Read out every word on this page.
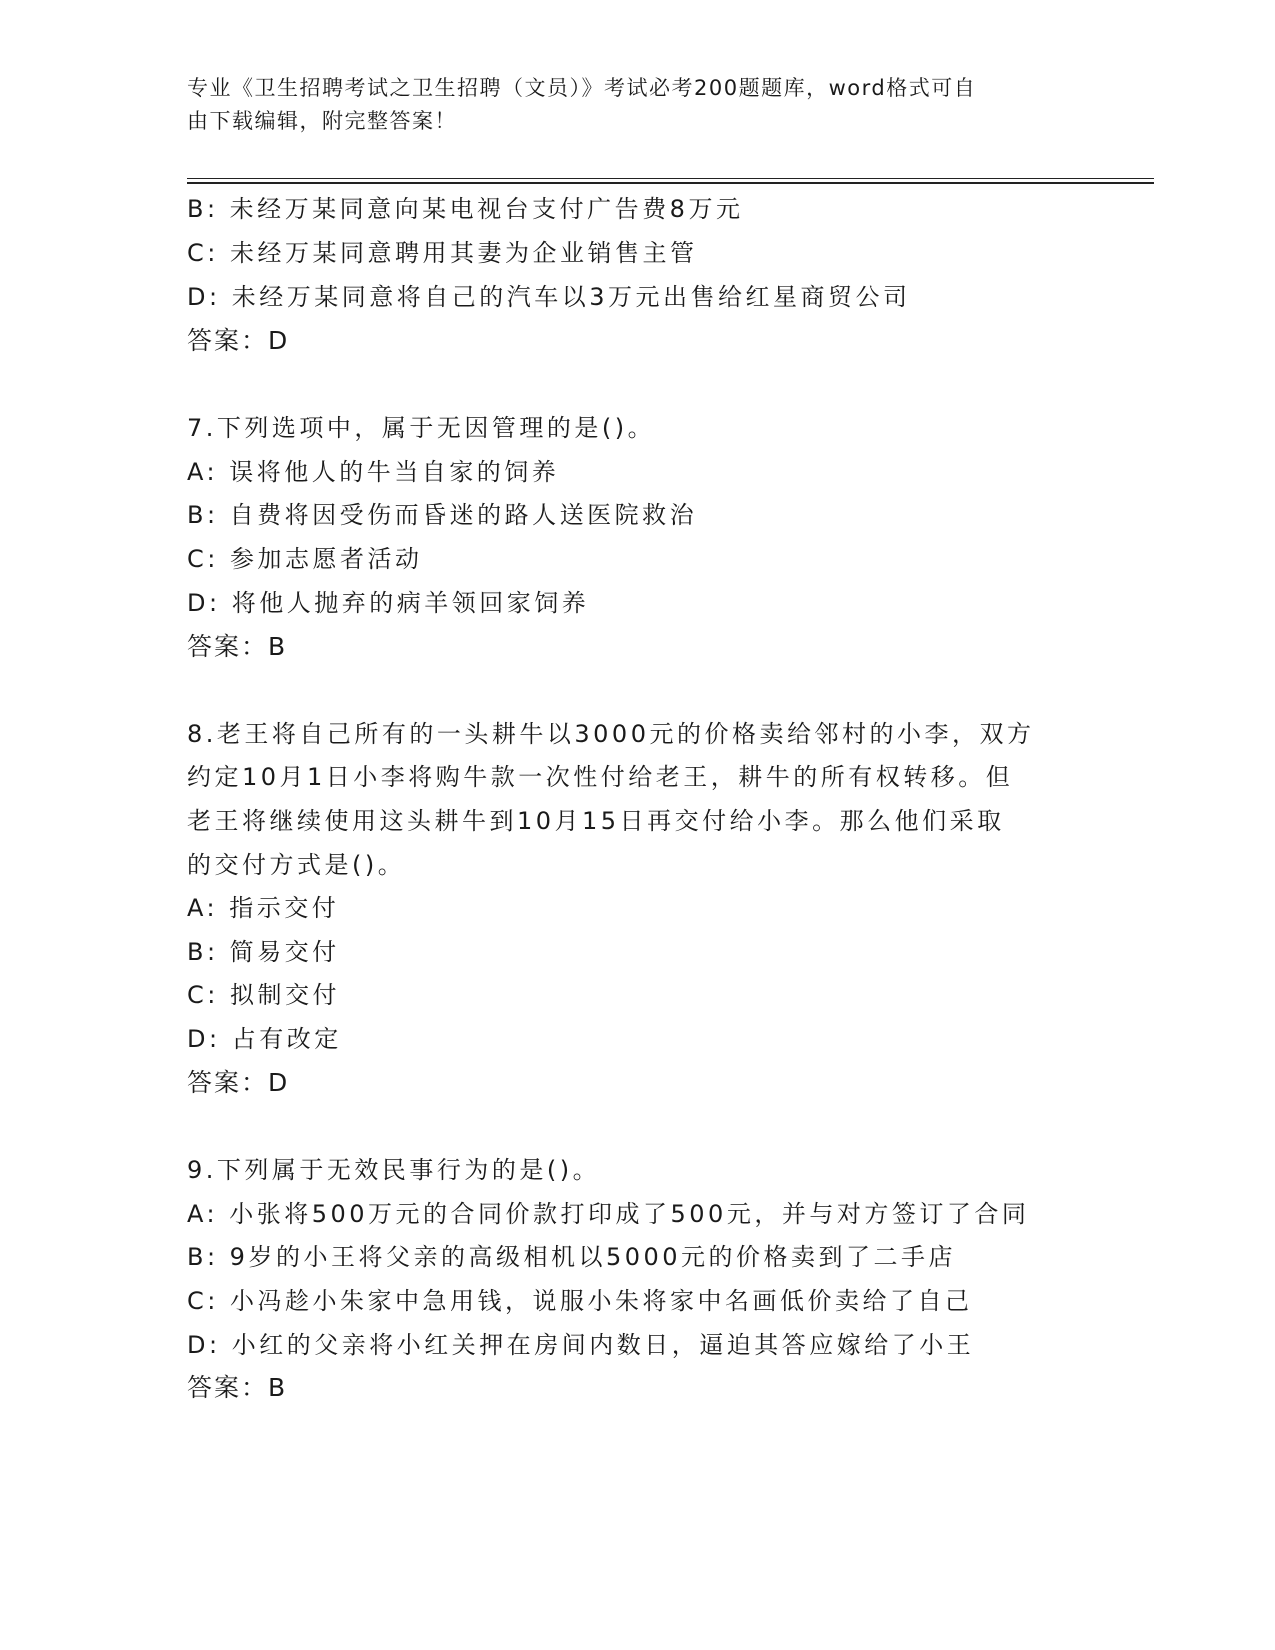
专业《卫生招聘考试之卫生招聘（文员）》考试必考200题题库，word格式可自
由下载编辑，附完整答案！
B: 未经万某同意向某电视台支付广告费8万元
C: 未经万某同意聘用其妻为企业销售主管
D: 未经万某同意将自己的汽车以3万元出售给红星商贸公司
答案：D
7.下列选项中，属于无因管理的是()。
A: 误将他人的牛当自家的饲养
B: 自费将因受伤而昏迷的路人送医院救治
C: 参加志愿者活动
D: 将他人抛弃的病羊领回家饲养
答案：B
8.老王将自己所有的一头耕牛以3000元的价格卖给邻村的小李，双方
约定10月1日小李将购牛款一次性付给老王，耕牛的所有权转移。但
老王将继续使用这头耕牛到10月15日再交付给小李。那么他们采取
的交付方式是()。
A: 指示交付
B: 简易交付
C: 拟制交付
D: 占有改定
答案：D
9.下列属于无效民事行为的是()。
A: 小张将500万元的合同价款打印成了500元，并与对方签订了合同
B: 9岁的小王将父亲的高级相机以5000元的价格卖到了二手店
C: 小冯趁小朱家中急用钱，说服小朱将家中名画低价卖给了自己
D: 小红的父亲将小红关押在房间内数日，逼迫其答应嫁给了小王
答案：B
